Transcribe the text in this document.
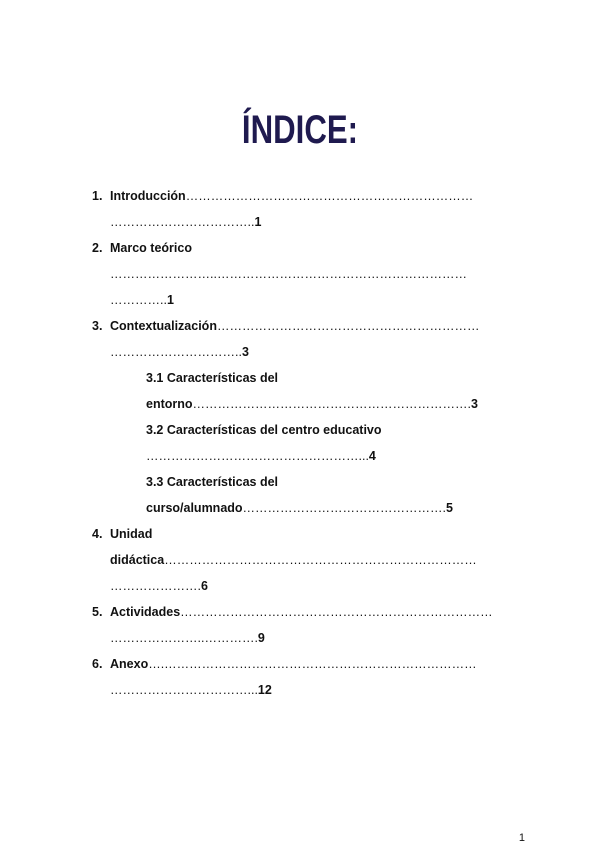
ÍNDICE:
1. Introducción……………………………………………………………
……………………………..1
2. Marco teórico
……………………..……………………………………………………
…………..1
3. Contextualización………………………………………………………
…………………………..3
3.1 Características del
entorno………………………………………………………….3
3.2 Características del centro educativo
……………………………………………...4
3.3 Características del
curso/alumnado………………………………………….5
4. Unidad
didáctica…………………………………………………………………
………………….6
5. Actividades…………………………………………………………………
…………………..………….9
6. Anexo….…………………………………………………………………
……………………………...12
1
